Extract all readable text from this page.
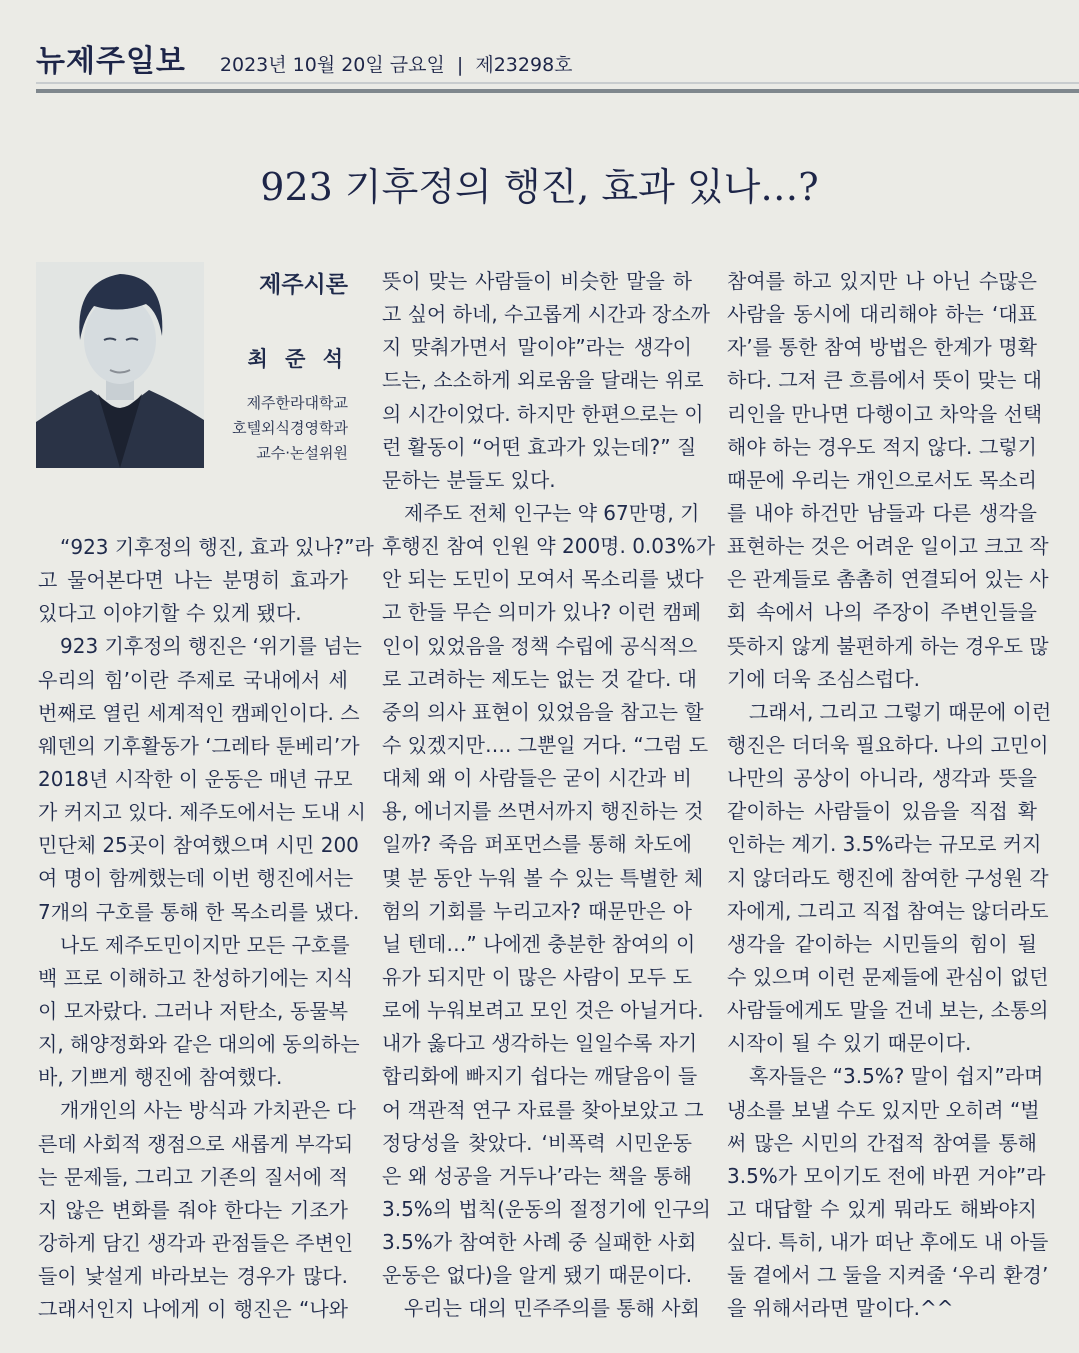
뉴제주일보 2023년 10월 20일 금요일 | 제23298호
923 기후정의 행진, 효과 있나…?
제주시론
최 준 석
제주한라대학교
호텔외식경영학과
교수·논설위원
“923 기후정의 행진, 효과 있나?”라
고 물어본다면 나는 분명히 효과가
있다고 이야기할 수 있게 됐다.
923 기후정의 행진은 ‘위기를 넘는
우리의 힘’이란 주제로 국내에서 세
번째로 열린 세계적인 캠페인이다. 스
웨덴의 기후활동가 ‘그레타 툰베리’가
2018년 시작한 이 운동은 매년 규모
가 커지고 있다. 제주도에서는 도내 시
민단체 25곳이 참여했으며 시민 200
여 명이 함께했는데 이번 행진에서는
7개의 구호를 통해 한 목소리를 냈다.
나도 제주도민이지만 모든 구호를
백 프로 이해하고 찬성하기에는 지식
이 모자랐다. 그러나 저탄소, 동물복
지, 해양정화와 같은 대의에 동의하는
바, 기쁘게 행진에 참여했다.
개개인의 사는 방식과 가치관은 다
른데 사회적 쟁점으로 새롭게 부각되
는 문제들, 그리고 기존의 질서에 적
지 않은 변화를 줘야 한다는 기조가
강하게 담긴 생각과 관점들은 주변인
들이 낯설게 바라보는 경우가 많다.
그래서인지 나에게 이 행진은 “나와
뜻이 맞는 사람들이 비슷한 말을 하
고 싶어 하네, 수고롭게 시간과 장소까
지 맞춰가면서 말이야”라는 생각이
드는, 소소하게 외로움을 달래는 위로
의 시간이었다. 하지만 한편으로는 이
런 활동이 “어떤 효과가 있는데?” 질
문하는 분들도 있다.
제주도 전체 인구는 약 67만명, 기
후행진 참여 인원 약 200명. 0.03%가
안 되는 도민이 모여서 목소리를 냈다
고 한들 무슨 의미가 있나? 이런 캠페
인이 있었음을 정책 수립에 공식적으
로 고려하는 제도는 없는 것 같다. 대
중의 의사 표현이 있었음을 참고는 할
수 있겠지만…. 그뿐일 거다. “그럼 도
대체 왜 이 사람들은 굳이 시간과 비
용, 에너지를 쓰면서까지 행진하는 것
일까? 죽음 퍼포먼스를 통해 차도에
몇 분 동안 누워 볼 수 있는 특별한 체
험의 기회를 누리고자? 때문만은 아
닐 텐데…” 나에겐 충분한 참여의 이
유가 되지만 이 많은 사람이 모두 도
로에 누워보려고 모인 것은 아닐거다.
내가 옳다고 생각하는 일일수록 자기
합리화에 빠지기 쉽다는 깨달음이 들
어 객관적 연구 자료를 찾아보았고 그
정당성을 찾았다. ‘비폭력 시민운동
은 왜 성공을 거두나’라는 책을 통해
3.5%의 법칙(운동의 절정기에 인구의
3.5%가 참여한 사례 중 실패한 사회
운동은 없다)을 알게 됐기 때문이다.
우리는 대의 민주주의를 통해 사회
참여를 하고 있지만 나 아닌 수많은
사람을 동시에 대리해야 하는 ‘대표
자’를 통한 참여 방법은 한계가 명확
하다. 그저 큰 흐름에서 뜻이 맞는 대
리인을 만나면 다행이고 차악을 선택
해야 하는 경우도 적지 않다. 그렇기
때문에 우리는 개인으로서도 목소리
를 내야 하건만 남들과 다른 생각을
표현하는 것은 어려운 일이고 크고 작
은 관계들로 촘촘히 연결되어 있는 사
회 속에서 나의 주장이 주변인들을
뜻하지 않게 불편하게 하는 경우도 많
기에 더욱 조심스럽다.
그래서, 그리고 그렇기 때문에 이런
행진은 더더욱 필요하다. 나의 고민이
나만의 공상이 아니라, 생각과 뜻을
같이하는 사람들이 있음을 직접 확
인하는 계기. 3.5%라는 규모로 커지
지 않더라도 행진에 참여한 구성원 각
자에게, 그리고 직접 참여는 않더라도
생각을 같이하는 시민들의 힘이 될
수 있으며 이런 문제들에 관심이 없던
사람들에게도 말을 건네 보는, 소통의
시작이 될 수 있기 때문이다.
혹자들은 “3.5%? 말이 쉽지”라며
냉소를 보낼 수도 있지만 오히려 “벌
써 많은 시민의 간접적 참여를 통해
3.5%가 모이기도 전에 바뀐 거야”라
고 대답할 수 있게 뭐라도 해봐야지
싶다. 특히, 내가 떠난 후에도 내 아들
둘 곁에서 그 둘을 지켜줄 ‘우리 환경’
을 위해서라면 말이다.^^
